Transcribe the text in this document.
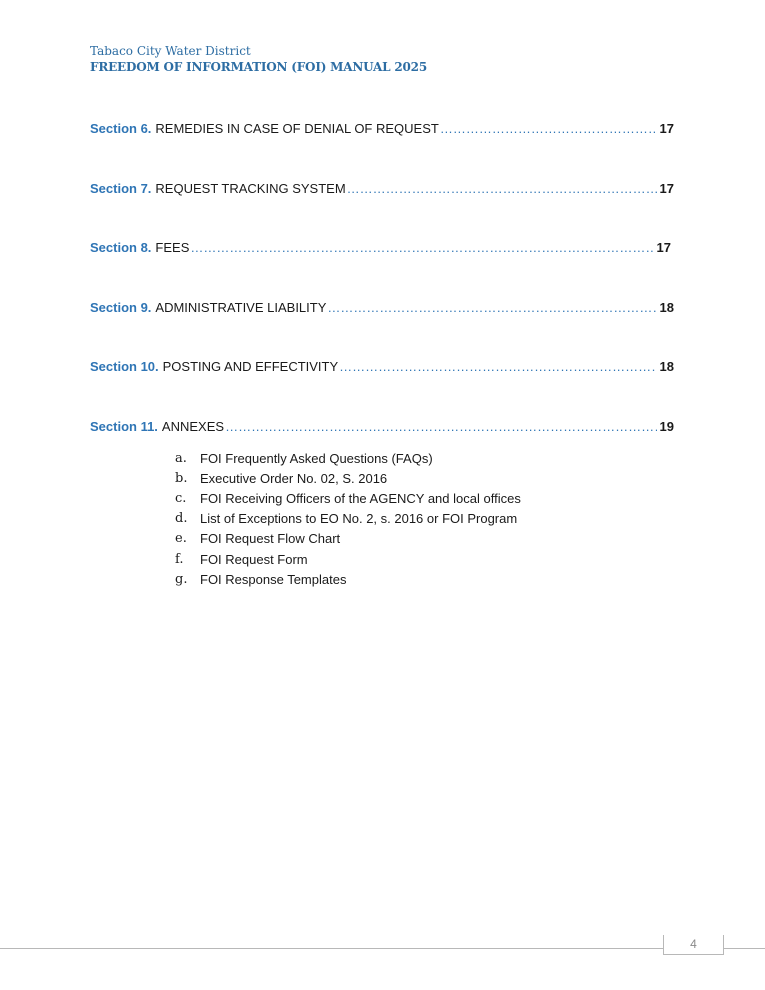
Tabaco City Water District
FREEDOM OF INFORMATION (FOI) MANUAL 2025
Section 6. REMEDIES IN CASE OF DENIAL OF REQUEST …………………………………………………………………………………………………………………………………………………………………………………	17
Section 7. REQUEST TRACKING SYSTEM …………………………………………………………………………………………………………………………………………………………………………………	17
Section 8. FEES …………………………………………………………………………………………………………………………………………………………………………………	17
Section 9. ADMINISTRATIVE LIABILITY …………………………………………………………………………………………………………………………………………………………………………………	18
Section 10. POSTING AND EFFECTIVITY …………………………………………………………………………………………………………………………………………………………………………………	18
Section 11. ANNEXES …………………………………………………………………………………………………………………………………………………………………………………	19
a.	FOI Frequently Asked Questions (FAQs)
b. Executive Order No. 02, S. 2016
c.	FOI Receiving Officers of the AGENCY and local offices
d. List of Exceptions to EO No. 2, s. 2016 or FOI Program
e.	FOI Request Flow Chart
f.	FOI Request Form
g. FOI Response Templates
4
